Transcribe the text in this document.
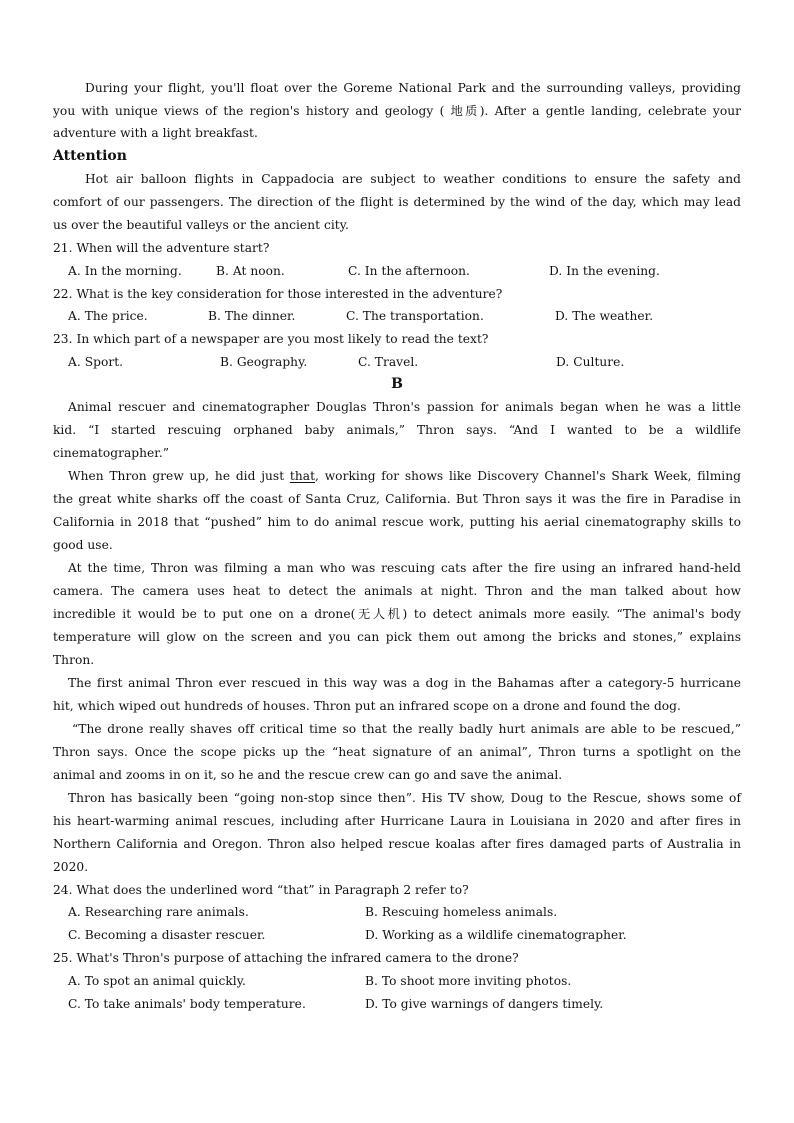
During your flight, you'll float over the Goreme National Park and the surrounding valleys, providing
you with unique views of the region's history and geology ( 地质). After a gentle landing, celebrate your
adventure with a light breakfast.
Attention
Hot air balloon flights in Cappadocia are subject to weather conditions to ensure the safety and
comfort of our passengers. The direction of the flight is determined by the wind of the day, which may lead
us over the beautiful valleys or the ancient city.
21. When will the adventure start?
A. In the morning.	B. At noon.	C. In the afternoon.	D. In the evening.
22. What is the key consideration for those interested in the adventure?
A. The price.	B. The dinner.	C. The transportation.	D. The weather.
23. In which part of a newspaper are you most likely to read the text?
A. Sport.	B. Geography.	C. Travel.	D. Culture.
B
Animal rescuer and cinematographer Douglas Thron's passion for animals began when he was a little
kid. “I started rescuing orphaned baby animals,” Thron says. “And I wanted to be a wildlife
cinematographer.”
When Thron grew up, he did just that, working for shows like Discovery Channel's Shark Week, filming
the great white sharks off the coast of Santa Cruz, California. But Thron says it was the fire in Paradise in
California in 2018 that “pushed” him to do animal rescue work, putting his aerial cinematography skills to
good use.
At the time, Thron was filming a man who was rescuing cats after the fire using an infrared hand-held
camera. The camera uses heat to detect the animals at night. Thron and the man talked about how
incredible it would be to put one on a drone(无人机) to detect animals more easily. “The animal's body
temperature will glow on the screen and you can pick them out among the bricks and stones,” explains
Thron.
The first animal Thron ever rescued in this way was a dog in the Bahamas after a category-5 hurricane
hit, which wiped out hundreds of houses. Thron put an infrared scope on a drone and found the dog.
“The drone really shaves off critical time so that the really badly hurt animals are able to be rescued,”
Thron says. Once the scope picks up the “heat signature of an animal”, Thron turns a spotlight on the
animal and zooms in on it, so he and the rescue crew can go and save the animal.
Thron has basically been “going non-stop since then”. His TV show, Doug to the Rescue, shows some of
his heart-warming animal rescues, including after Hurricane Laura in Louisiana in 2020 and after fires in
Northern California and Oregon. Thron also helped rescue koalas after fires damaged parts of Australia in
2020.
24. What does the underlined word “that” in Paragraph 2 refer to?
A. Researching rare animals.	B. Rescuing homeless animals.
C. Becoming a disaster rescuer.	D. Working as a wildlife cinematographer.
25. What's Thron's purpose of attaching the infrared camera to the drone?
A. To spot an animal quickly.	B. To shoot more inviting photos.
C. To take animals' body temperature.	D. To give warnings of dangers timely.
